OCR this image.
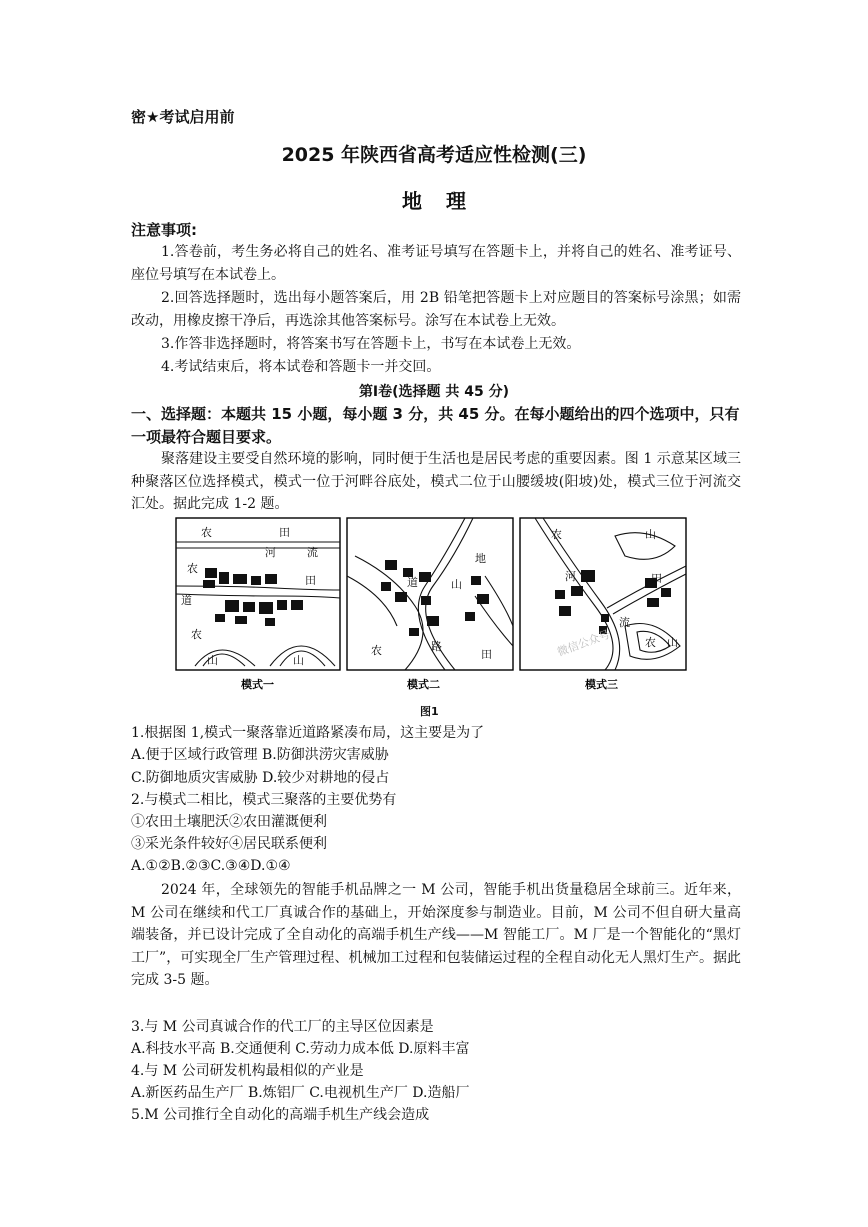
密★考试启用前
2025 年陕西省高考适应性检测(三)
地理
注意事项:
1.答卷前，考生务必将自己的姓名、准考证号填写在答题卡上，并将自己的姓名、准考证号、座位号填写在本试卷上。
2.回答选择题时，选出每小题答案后，用 2B 铅笔把答题卡上对应题目的答案标号涂黑；如需改动，用橡皮擦干净后，再选涂其他答案标号。涂写在本试卷上无效。
3.作答非选择题时，将答案书写在答题卡上，书写在本试卷上无效。
4.考试结束后，将本试卷和答题卡一并交回。
第Ⅰ卷(选择题 共 45 分)
一、选择题：本题共 15 小题，每小题 3 分，共 45 分。在每小题给出的四个选项中，只有一项最符合题目要求。
聚落建设主要受自然环境的影响，同时便于生活也是居民考虑的重要因素。图 1 示意某区域三种聚落区位选择模式，模式一位于河畔谷底处，模式二位于山腰缓坡(阳坡)处，模式三位于河流交汇处。据此完成 1-2 题。
农	田
河	流
农
田
道
农
山	山
模式一
地
道	山
农	路
田
模式二
农	山
河
流
农 山
田
微信公众号
模式三
图1
1.根据图 1,模式一聚落靠近道路紧凑布局，这主要是为了
A.便于区域行政管理 B.防御洪涝灾害威胁
C.防御地质灾害威胁 D.较少对耕地的侵占
2.与模式二相比，模式三聚落的主要优势有
①农田土壤肥沃②农田灌溉便利
③采光条件较好④居民联系便利
A.①②B.②③C.③④D.①④
2024 年，全球领先的智能手机品牌之一 M 公司，智能手机出货量稳居全球前三。近年来，M 公司在继续和代工厂真诚合作的基础上，开始深度参与制造业。目前，M 公司不但自研大量高端装备，并已设计完成了全自动化的高端手机生产线——M 智能工厂。M 厂是一个智能化的“黑灯工厂”，可实现全厂生产管理过程、机械加工过程和包装储运过程的全程自动化无人黑灯生产。据此完成 3-5 题。
3.与 M 公司真诚合作的代工厂的主导区位因素是
A.科技水平高 B.交通便利 C.劳动力成本低 D.原料丰富
4.与 M 公司研发机构最相似的产业是
A.新医药品生产厂 B.炼铝厂 C.电视机生产厂 D.造船厂
5.M 公司推行全自动化的高端手机生产线会造成
